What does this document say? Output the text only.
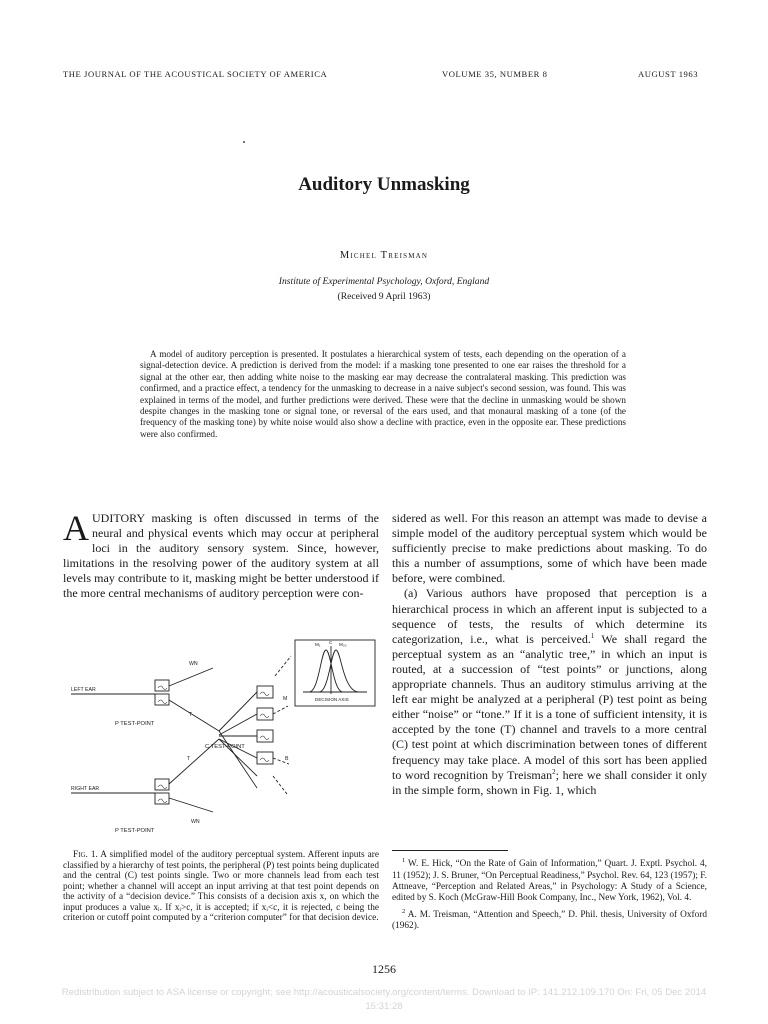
THE JOURNAL OF THE ACOUSTICAL SOCIETY OF AMERICA	VOLUME 35, NUMBER 8	AUGUST 1963
Auditory Unmasking
Michel Treisman
Institute of Experimental Psychology, Oxford, England
(Received 9 April 1963)

A model of auditory perception is presented. It postulates a hierarchical system of tests, each depending on the operation of a signal-detection device. A prediction is derived from the model: if a masking tone presented to one ear raises the threshold for a signal at the other ear, then adding white noise to the masking ear may decrease the contralateral masking. This prediction was confirmed, and a practice effect, a tendency for the unmasking to decrease in a naive subject's second session, was found. This was explained in terms of the model, and further predictions were derived. These were that the decline in unmasking would be shown despite changes in the masking tone or signal tone, or reversal of the ears used, and that monaural masking of a tone (of the frequency of the masking tone) by white noise would also show a decline with practice, even in the opposite ear. These predictions were also confirmed.

AUDITORY masking is often discussed in terms of the neural and physical events which may occur at peripheral loci in the auditory sensory system. Since, however, limitations in the resolving power of the auditory system at all levels may contribute to it, masking might be better understood if the more central mechanisms of auditory perception were con-

sidered as well. For this reason an attempt was made to devise a simple model of the auditory perceptual system which would be sufficiently precise to make predictions about masking. To do this a number of assumptions, some of which have been made before, were combined.

(a) Various authors have proposed that perception is a hierarchical process in which an afferent input is subjected to a sequence of tests, the results of which determine its categorization, i.e., what is perceived.$^1$ We shall regard the perceptual system as an “analytic tree,” in which an input is routed, at a succession of “test points” or junctions, along appropriate channels. Thus an auditory stimulus arriving at the left ear might be analyzed at a peripheral (P) test point as being either “noise” or “tone.” If it is a tone of sufficient intensity, it is accepted by the tone (T) channel and travels to a more central (C) test point at which discrimination between tones of different frequency may take place. A model of this sort has been applied to word recognition by Treisman$^2$; here we shall consider it only in the simple form, shown in Fig. 1, which

LEFT EAR
RIGHT EAR
WN
WN
T
T
M
B
DECISION AXIS
M₁ C M₂₀
P TEST-POINT
P TEST-POINT
C TEST-POINT

Fig. 1. A simplified model of the auditory perceptual system. Afferent inputs are classified by a hierarchy of test points, the peripheral (P) test points being duplicated and the central (C) test points single. Two or more channels lead from each test point; whether a channel will accept an input arriving at that test point depends on the activity of a “decision device.” This consists of a decision axis x, on which the input produces a value xᵢ. If xᵢ>c, it is accepted; if xᵢ<c, it is rejected, c being the criterion or cutoff point computed by a “criterion computer” for that decision device.

$^1$ W. E. Hick, “On the Rate of Gain of Information,” Quart. J. Exptl. Psychol. 4, 11 (1952); J. S. Bruner, “On Perceptual Readiness,” Psychol. Rev. 64, 123 (1957); F. Attneave, “Perception and Related Areas,” in Psychology: A Study of a Science, edited by S. Koch (McGraw-Hill Book Company, Inc., New York, 1962), Vol. 4.

$^2$ A. M. Treisman, “Attention and Speech,” D. Phil. thesis, University of Oxford (1962).

1256
Redistribution subject to ASA license or copyright; see http://acousticalsociety.org/content/terms. Download to IP: 141.212.109.170 On: Fri, 05 Dec 2014
15:31:28
